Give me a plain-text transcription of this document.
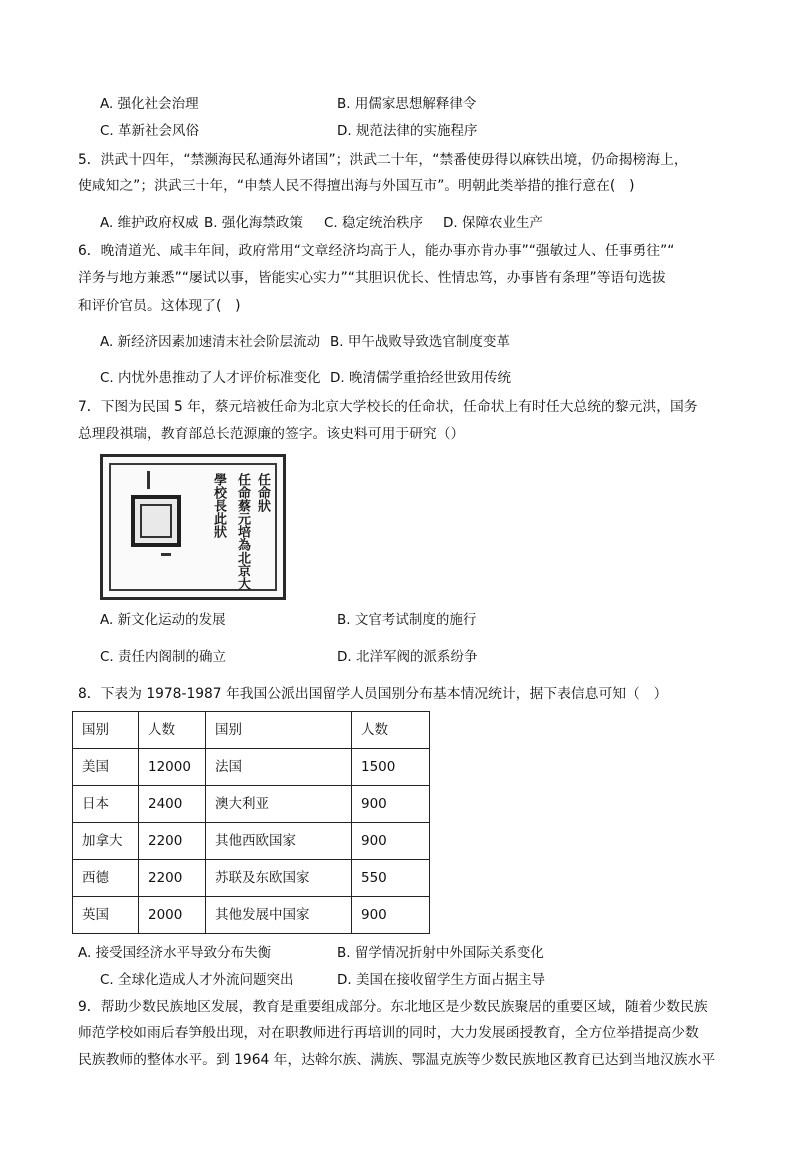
A. 强化社会治理	B. 用儒家思想解释律令
C. 革新社会风俗	D. 规范法律的实施程序
5．洪武十四年，“禁濒海民私通海外诸国”；洪武二十年，“禁番使毋得以麻铁出境，仍命揭榜海上，
使咸知之”；洪武三十年，“申禁人民不得擅出海与外国互市”。明朝此类举措的推行意在(　)
A. 维护政府权威 B. 强化海禁政策 C. 稳定统治秩序 D. 保障农业生产
6．晚清道光、咸丰年间，政府常用“文章经济均高于人，能办事亦肯办事”“强敏过人、任事勇往”“
洋务与地方兼悉”“屡试以事，皆能实心实力”“其胆识优长、性情忠笃，办事皆有条理”等语句选拔
和评价官员。这体现了(　)
A. 新经济因素加速清末社会阶层流动 B. 甲午战败导致选官制度变革
C. 内忧外患推动了人才评价标准变化 D. 晚清儒学重拾经世致用传统
7．下图为民国 5 年，蔡元培被任命为北京大学校长的任命状，任命状上有时任大总统的黎元洪，国务
总理段祺瑞，教育部总长范源廉的签字。该史料可用于研究（）
任命狀
任命蔡元培為北京大
學校長此狀
A. 新文化运动的发展	B. 文官考试制度的施行
C. 责任内阁制的确立	D. 北洋军阀的派系纷争
8．下表为 1978-1987 年我国公派出国留学人员国别分布基本情况统计，据下表信息可知（　）
国别	人数	国别	人数
美国	12000	法国	1500
日本	2400	澳大利亚	900
加拿大	2200	其他西欧国家	900
西德	2200	苏联及东欧国家	550
英国	2000	其他发展中国家	900
A. 接受国经济水平导致分布失衡	B. 留学情况折射中外国际关系变化
C. 全球化造成人才外流问题突出	D. 美国在接收留学生方面占据主导
9．帮助少数民族地区发展，教育是重要组成部分。东北地区是少数民族聚居的重要区域，随着少数民族
师范学校如雨后春笋般出现，对在职教师进行再培训的同时，大力发展函授教育，全方位举措提高少数
民族教师的整体水平。到 1964 年，达斡尔族、满族、鄂温克族等少数民族地区教育已达到当地汉族水平
